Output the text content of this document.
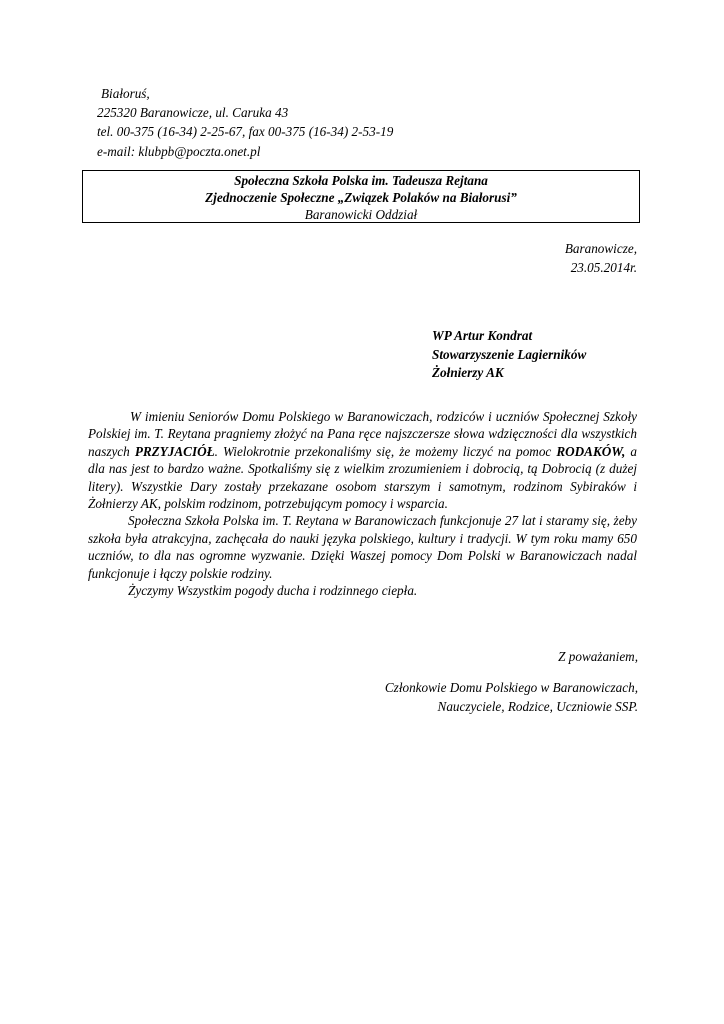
Białoruś,
225320 Baranowicze, ul. Caruka 43
tel. 00-375 (16-34) 2-25-67, fax 00-375 (16-34) 2-53-19
e-mail: klubpb@poczta.onet.pl
Społeczna Szkoła Polska im. Tadeusza Rejtana
Zjednoczenie Społeczne „Związek Polaków na Białorusi”
Baranowicki Oddział
Baranowicze,
23.05.2014r.
WP Artur Kondrat
Stowarzyszenie Lagierników
Żołnierzy AK

W imieniu Seniorów Domu Polskiego w Baranowiczach, rodziców i uczniów Społecznej Szkoły Polskiej im. T. Reytana pragniemy złożyć na Pana ręce najszczersze słowa wdzięczności dla wszystkich naszych PRZYJACIÓŁ. Wielokrotnie przekonaliśmy się, że możemy liczyć na pomoc RODAKÓW, a dla nas jest to bardzo ważne. Spotkaliśmy się z wielkim zrozumieniem i dobrocią, tą Dobrocią (z dużej litery). Wszystkie Dary zostały przekazane osobom starszym i samotnym, rodzinom Sybiraków i Żołnierzy AK, polskim rodzinom, potrzebującym pomocy i wsparcia.

Społeczna Szkoła Polska im. T. Reytana w Baranowiczach funkcjonuje 27 lat i staramy się, żeby szkoła była atrakcyjna, zachęcała do nauki języka polskiego, kultury i tradycji. W tym roku mamy 650 uczniów, to dla nas ogromne wyzwanie. Dzięki Waszej pomocy Dom Polski w Baranowiczach nadal funkcjonuje i łączy polskie rodziny.

Życzymy Wszystkim pogody ducha i rodzinnego ciepła.

Z poważaniem,
Członkowie Domu Polskiego w Baranowiczach,
Nauczyciele, Rodzice, Uczniowie SSP.
